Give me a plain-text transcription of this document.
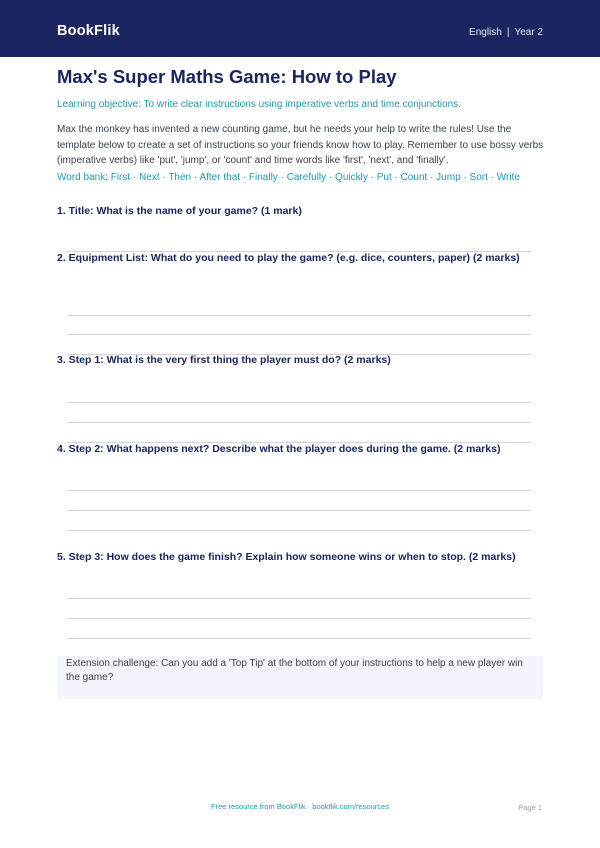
BookFlik	English | Year 2
Max's Super Maths Game: How to Play
Learning objective: To write clear instructions using imperative verbs and time conjunctions.

Max the monkey has invented a new counting game, but he needs your help to write the rules! Use the template below to create a set of instructions so your friends know how to play. Remember to use bossy verbs (imperative verbs) like 'put', 'jump', or 'count' and time words like 'first', 'next', and 'finally'.

Word bank: First · Next · Then · After that · Finally · Carefully · Quickly · Put · Count · Jump · Sort · Write

1. Title: What is the name of your game? (1 mark)

2. Equipment List: What do you need to play the game? (e.g. dice, counters, paper) (2 marks)

3. Step 1: What is the very first thing the player must do? (2 marks)

4. Step 2: What happens next? Describe what the player does during the game. (2 marks)

5. Step 3: How does the game finish? Explain how someone wins or when to stop. (2 marks)

Extension challenge: Can you add a 'Top Tip' at the bottom of your instructions to help a new player win the game?
Free resource from BookFlik · bookflik.com/resources	Page 1
